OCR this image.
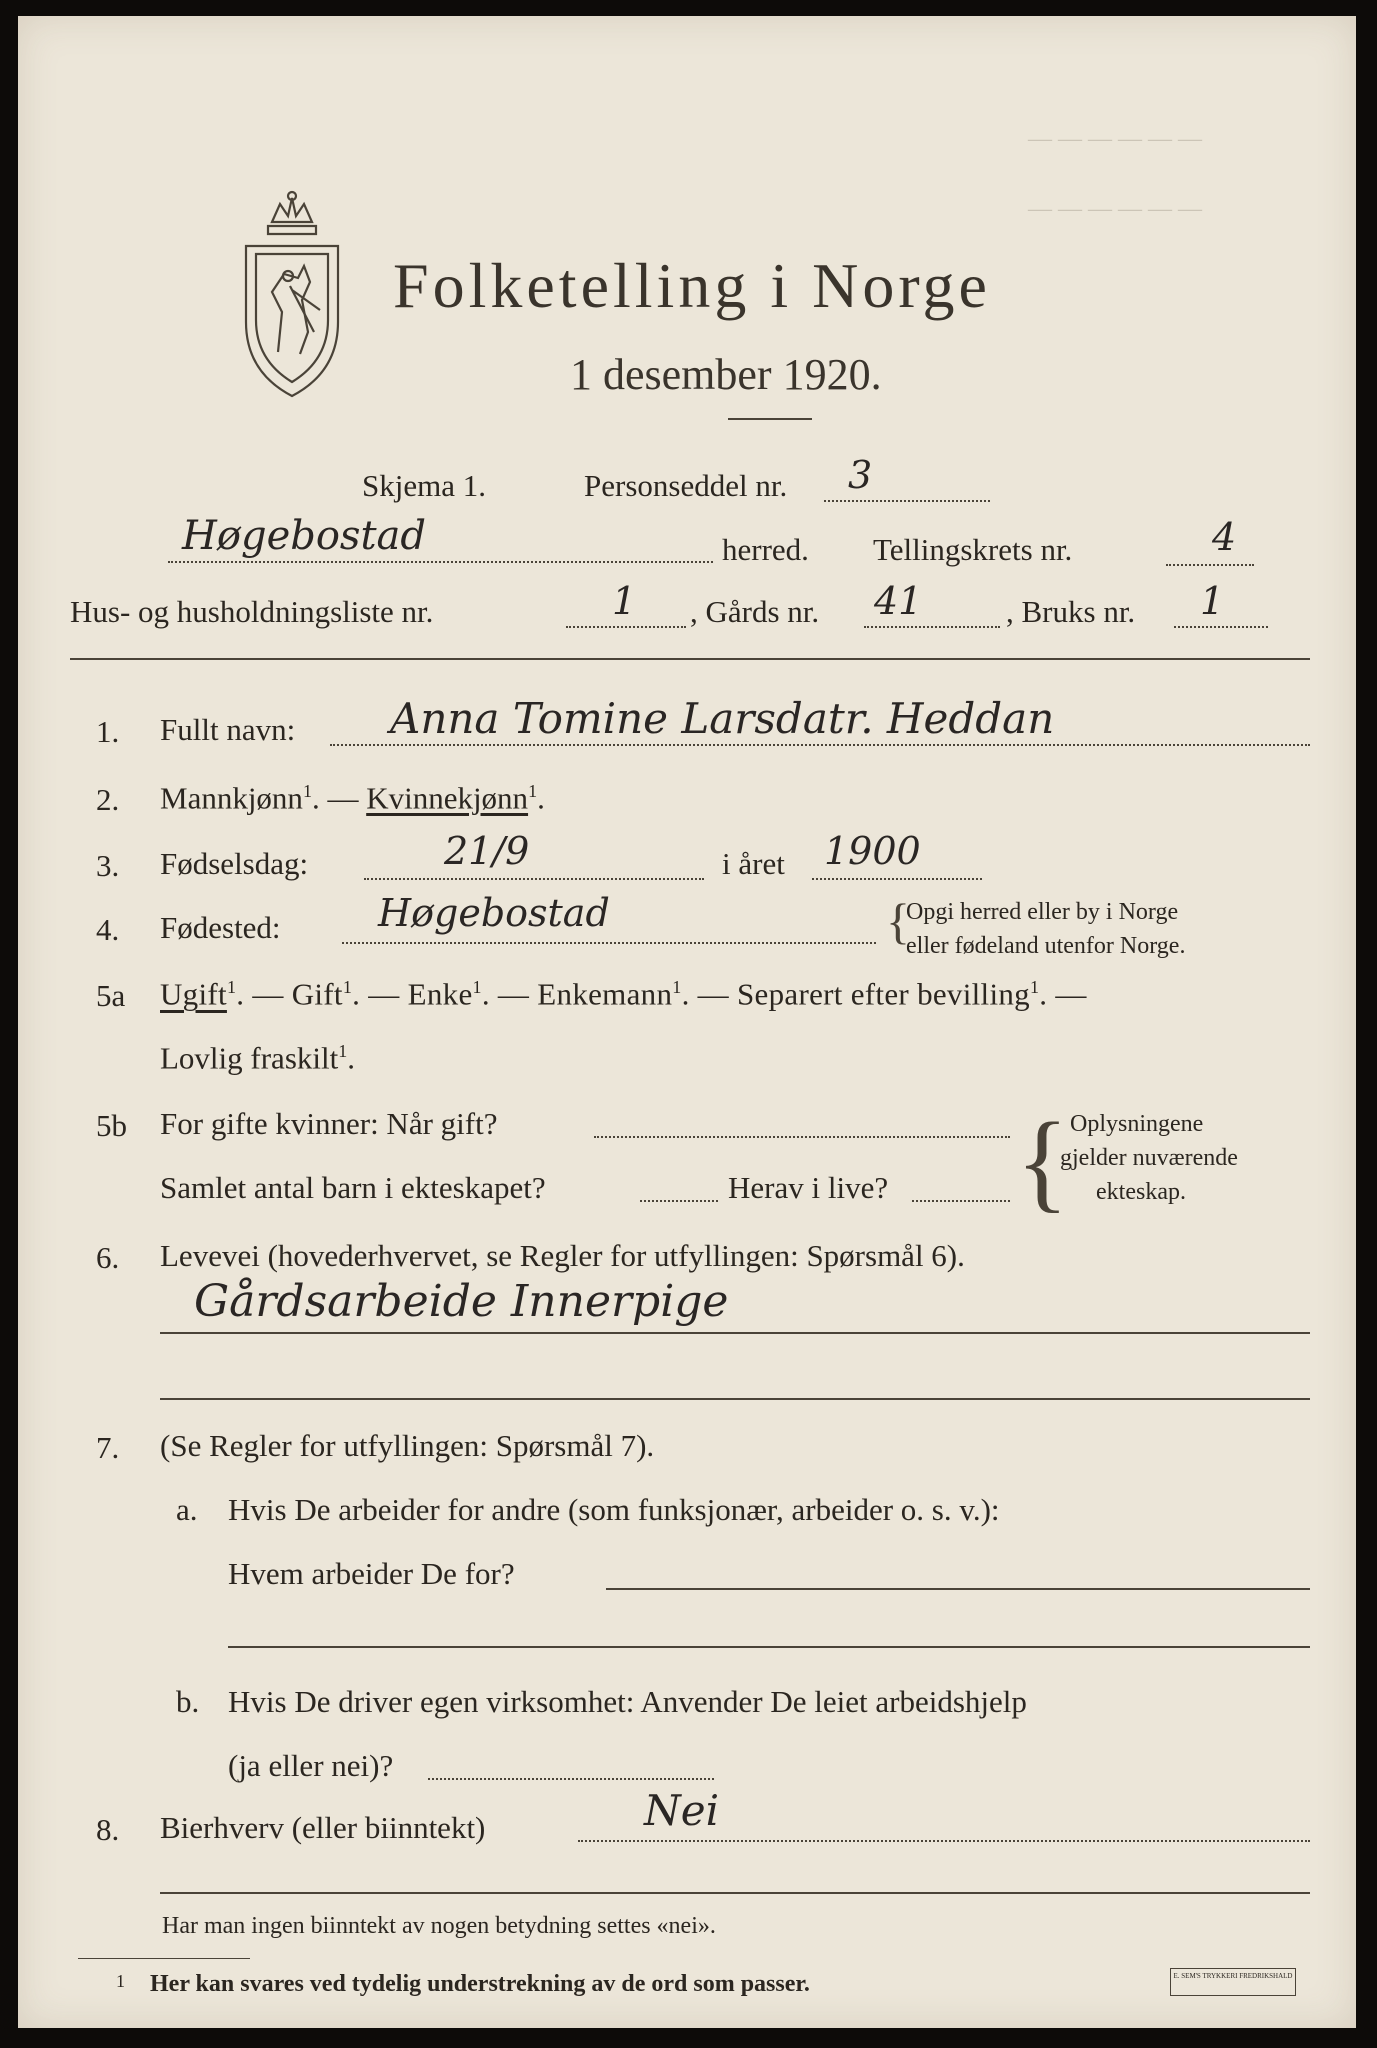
— — — — — —
— — — — — —
Folketelling i Norge
1 desember 1920.
Skjema 1.	Personseddel nr. 3
Høgebostad	herred. Tellingskrets nr.	4
Hus- og husholdningsliste nr.	1 , Gårds nr. 41	, Bruks nr. 1
1. Fullt navn: Anna Tomine Larsdatr. Heddan
2. Mannkjønn$^1$. — Kvinnekjønn$^1$.
3. Fødselsdag:	21/9	i året 1900
4. Fødested:	Høgebostad	{
Opgi herred eller by i Norge
eller fødeland utenfor Norge.
5a Ugift$^1$. — Gift$^1$. — Enke$^1$. — Enkemann$^1$. — Separert efter bevilling$^1$. —
Lovlig fraskilt$^1$.
5b For gifte kvinner: Når gift?
Samlet antal barn i ekteskapet?	Herav i live? { Oplysningene
gjelder nuværende
ekteskap.
6. Levevei (hovederhvervet, se Regler for utfyllingen: Spørsmål 6).
Gårdsarbeide Innerpige
7. (Se Regler for utfyllingen: Spørsmål 7).
a. Hvis De arbeider for andre (som funksjonær, arbeider o. s. v.):
Hvem arbeider De for?
b. Hvis De driver egen virksomhet: Anvender De leiet arbeidshjelp
(ja eller nei)?
8. Bierhverv (eller biinntekt)	Nei
Har man ingen biinntekt av nogen betydning settes «nei».
1 Her kan svares ved tydelig understrekning av de ord som passer.	E. SEM'S TRYKKERI FREDRIKSHALD
